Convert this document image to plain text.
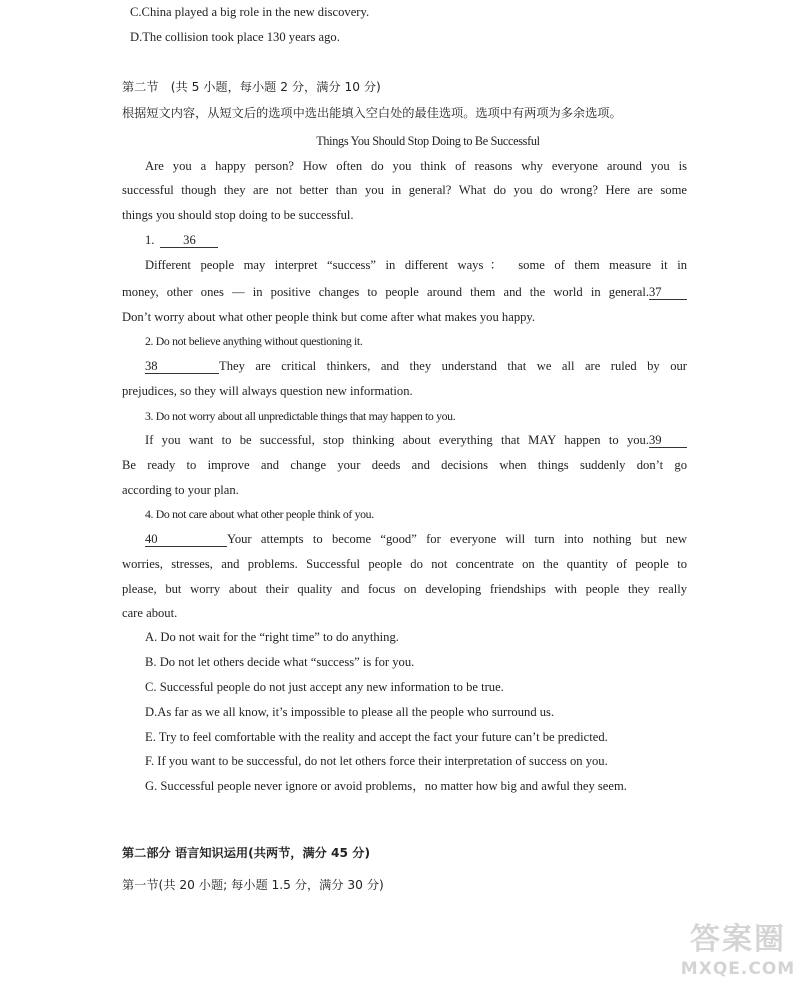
C.China played a big role in the new discovery.
D.The collision took place 130 years ago.
第二节　(共 5 小题，每小题 2 分，满分 10 分)
根据短文内容，从短文后的选项中选出能填入空白处的最佳选项。选项中有两项为多余选项。
Things You Should Stop Doing to Be Successful
Are you a happy person? How often do you think of reasons why everyone around you is
successful though they are not better than you in general? What do you do wrong? Here are some
things you should stop doing to be successful.
1. 36
Different people may interpret “success” in different ways： some of them measure it in
money, other ones — in positive changes to people around them and the world in general.37
Don’t worry about what other people think but come after what makes you happy.
2. Do not believe anything without questioning it.
38	They are critical thinkers, and they understand that we all are ruled by our
prejudices, so they will always question new information.
3. Do not worry about all unpredictable things that may happen to you.
If you want to be successful, stop thinking about everything that MAY happen to you.39
Be ready to improve and change your deeds and decisions when things suddenly don’t go
according to your plan.
4. Do not care about what other people think of you.
40	Your attempts to become “good” for everyone will turn into nothing but new
worries, stresses, and problems. Successful people do not concentrate on the quantity of people to
please, but worry about their quality and focus on developing friendships with people they really
care about.
A. Do not wait for the “right time” to do anything.
B. Do not let others decide what “success” is for you.
C. Successful people do not just accept any new information to be true.
D.As far as we all know, it’s impossible to please all the people who surround us.
E. Try to feel comfortable with the reality and accept the fact your future can’t be predicted.
F. If you want to be successful, do not let others force their interpretation of success on you.
G. Successful people never ignore or avoid problems，no matter how big and awful they seem.
第二部分 语言知识运用(共两节，满分 45 分)
第一节(共 20 小题; 每小题 1.5 分，满分 30 分)
答案圈
MXQE.COM
